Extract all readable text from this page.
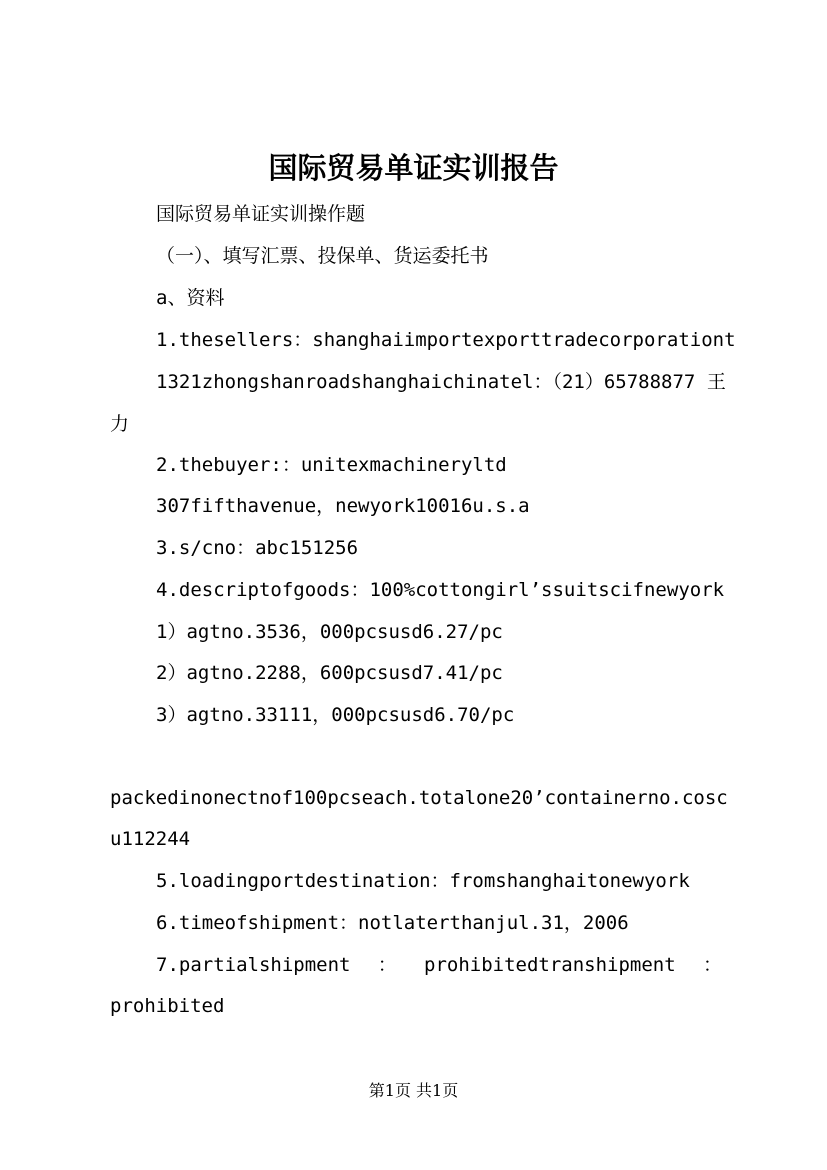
国际贸易单证实训报告
国际贸易单证实训操作题
（一）、填写汇票、投保单、货运委托书
a、资料
1.thesellers：shanghaiimportexporttradecorporationt
1321zhongshanroadshanghaichinatel：（21）65788877 王
力
2.thebuyer:：unitexmachineryltd
307fifthavenue，newyork10016u.s.a
3.s/cno：abc151256
4.descriptofgoods：100%cottongirl’ssuitscifnewyork
1）agtno.3536，000pcsusd6.27/pc
2）agtno.2288，600pcsusd7.41/pc
3）agtno.33111，000pcsusd6.70/pc
packedinonectnof100pcseach.totalone20’containerno.cosc
u112244
5.loadingportdestination：fromshanghaitonewyork
6.timeofshipment：notlaterthanjul.31，2006
7.partialshipment ： prohibitedtranshipment ：
prohibited
第1页 共1页
